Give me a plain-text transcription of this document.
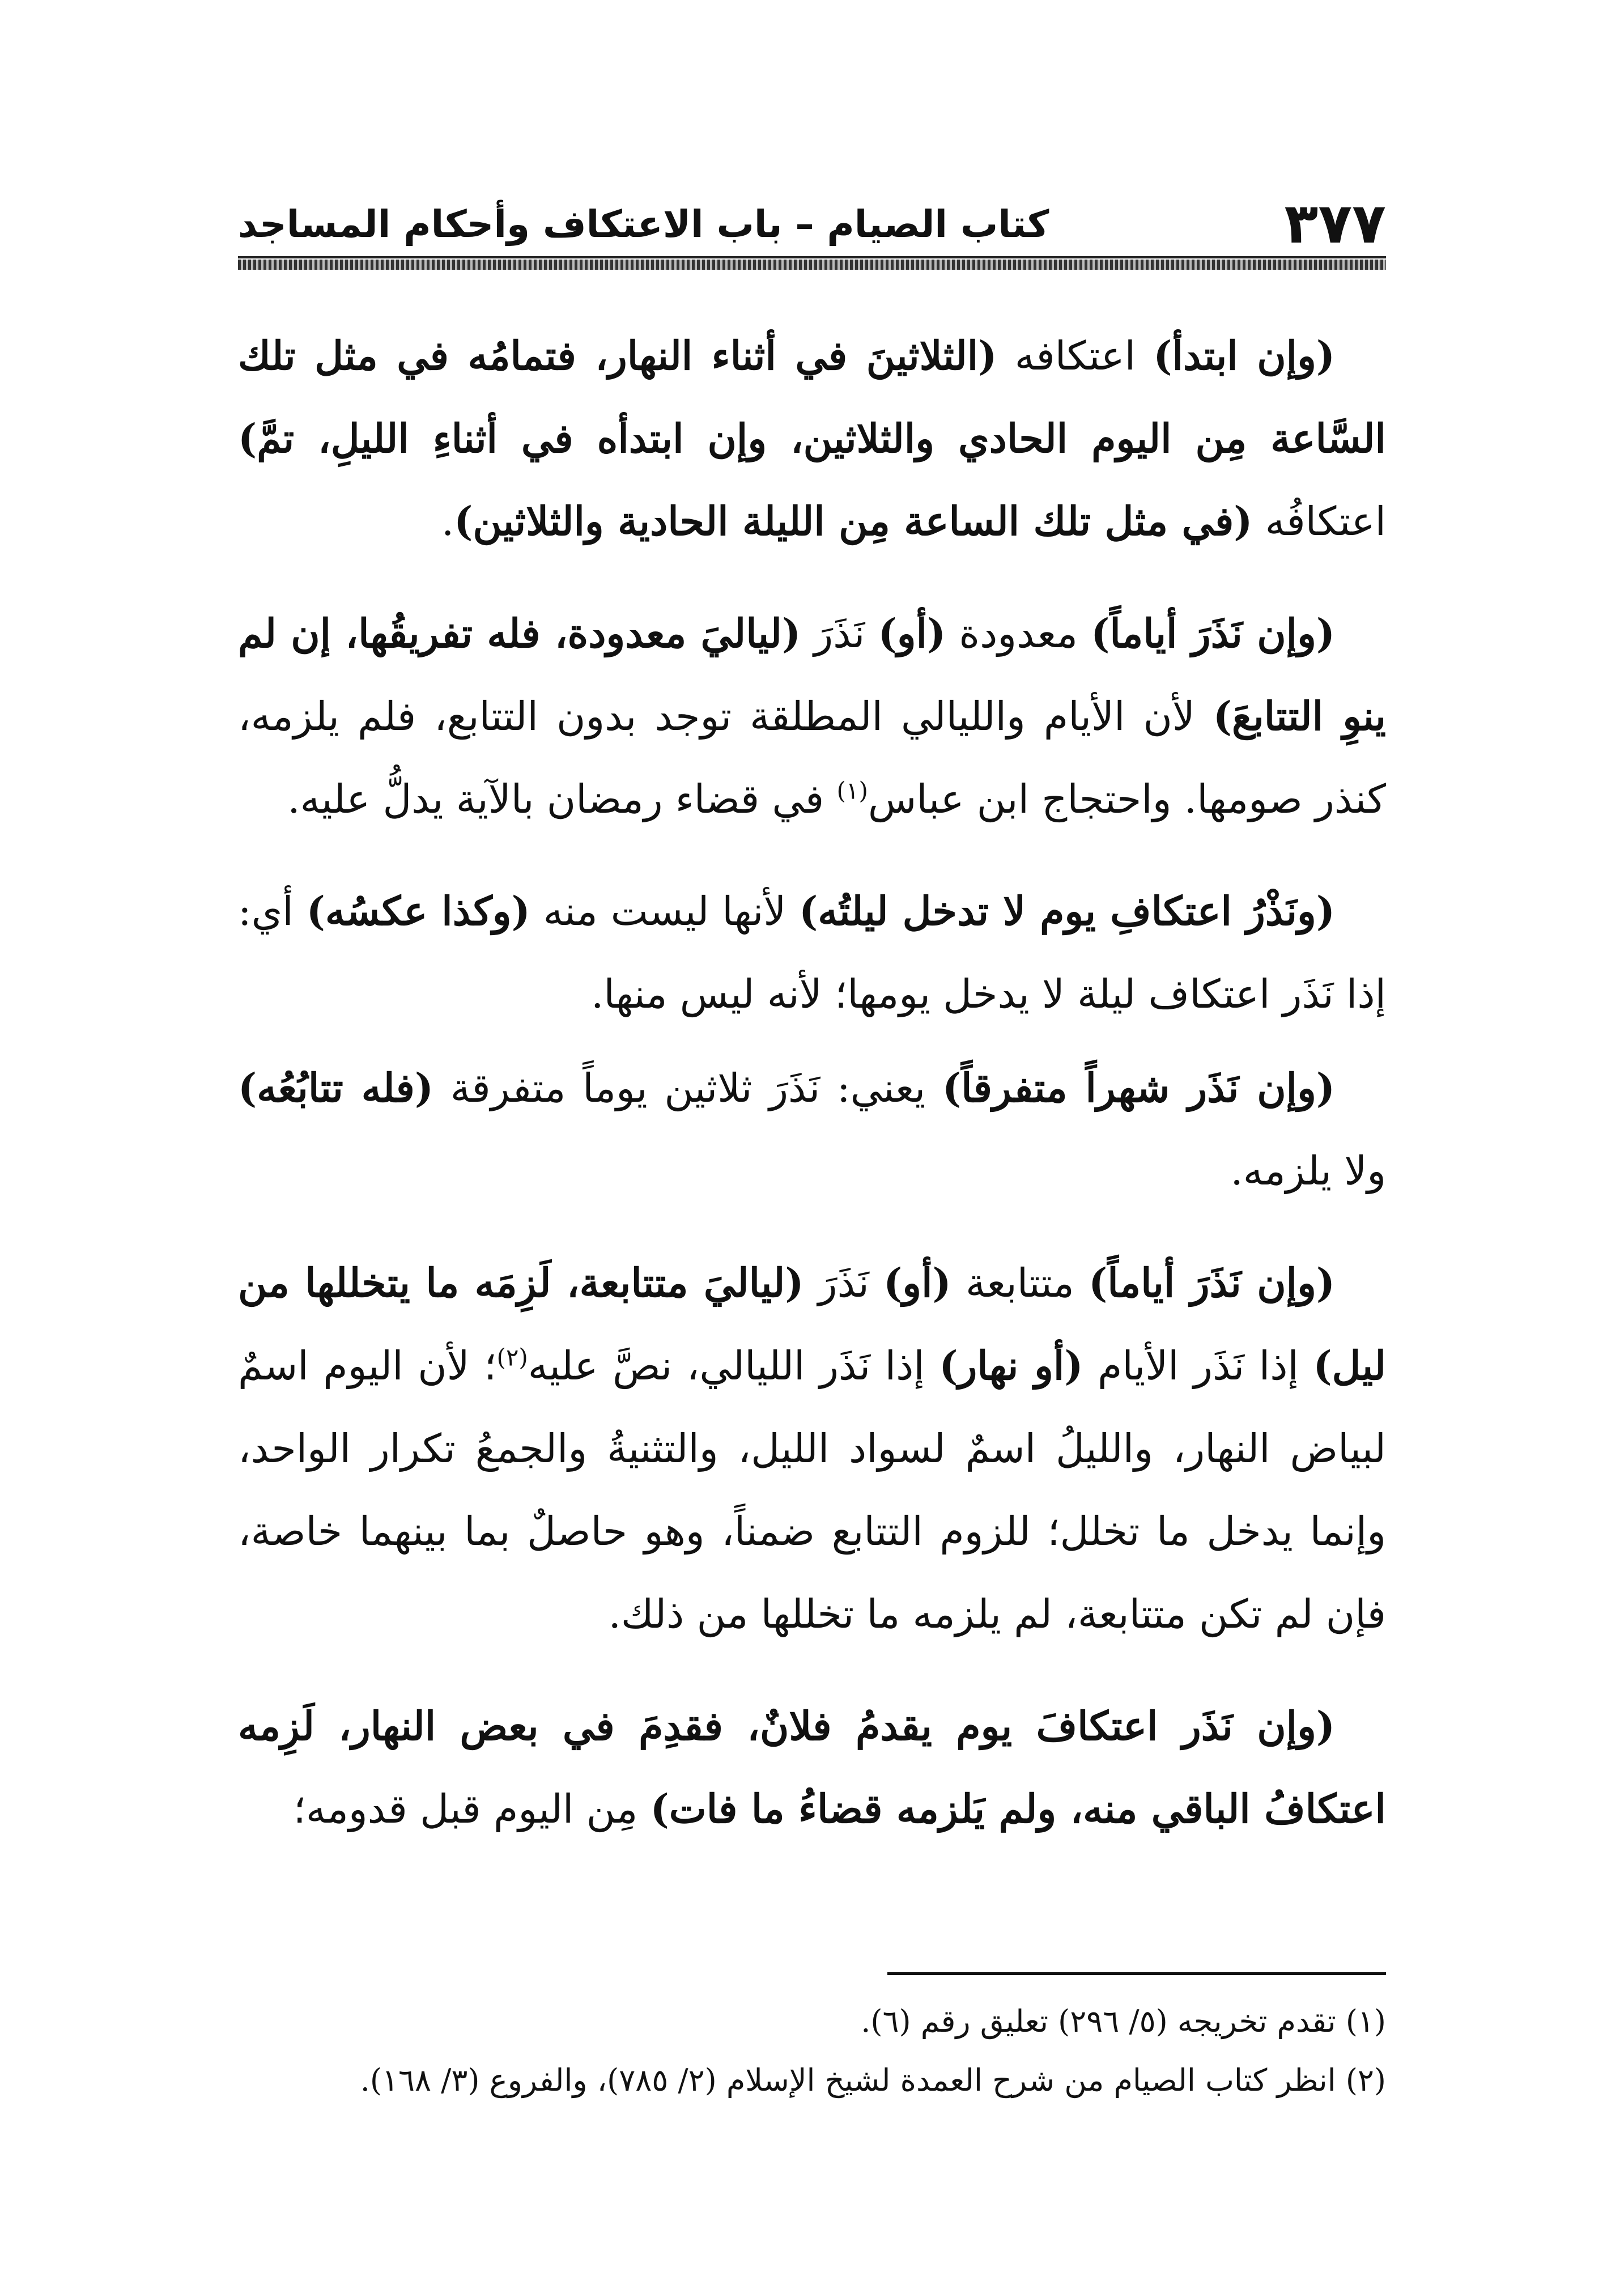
٣٧٧
كتاب الصيام – باب الاعتكاف وأحكام المساجد

(وإن ابتدأ) اعتكافه (الثلاثينَ في أثناء النهار، فتمامُه في مثل تلك السَّاعة مِن اليوم الحادي والثلاثين، وإن ابتدأه في أثناءِ الليلِ، تمَّ) اعتكافُه (في مثل تلك الساعة مِن الليلة الحادية والثلاثين).

(وإن نَذَرَ أياماً) معدودة (أو) نَذَرَ (لياليَ معدودة، فله تفريقُها، إن لم ينوِ التتابعَ) لأن الأيام والليالي المطلقة توجد بدون التتابع، فلم يلزمه، كنذر صومها. واحتجاج ابن عباس$^{(١)}$ في قضاء رمضان بالآية يدلُّ عليه.

(ونَذْرُ اعتكافِ يوم لا تدخل ليلتُه) لأنها ليست منه (وكذا عكسُه) أي: إذا نَذَر اعتكاف ليلة لا يدخل يومها؛ لأنه ليس منها.

(وإن نَذَر شهراً متفرقاً) يعني: نَذَرَ ثلاثين يوماً متفرقة (فله تتابُعُه) ولا يلزمه.

(وإن نَذَرَ أياماً) متتابعة (أو) نَذَرَ (لياليَ متتابعة، لَزِمَه ما يتخللها من ليل) إذا نَذَر الأيام (أو نهار) إذا نَذَر الليالي، نصَّ عليه$^{(٢)}$؛ لأن اليوم اسمٌ لبياض النهار، والليلُ اسمٌ لسواد الليل، والتثنيةُ والجمعُ تكرار الواحد، وإنما يدخل ما تخلل؛ للزوم التتابع ضمناً، وهو حاصلٌ بما بينهما خاصة، فإن لم تكن متتابعة، لم يلزمه ما تخللها من ذلك.

(وإن نَذَر اعتكافَ يوم يقدمُ فلانٌ، فقدِمَ في بعض النهار، لَزِمه اعتكافُ الباقي منه، ولم يَلزمه قضاءُ ما فات) مِن اليوم قبل قدومه؛

(١) تقدم تخريجه (٥/ ٢٩٦) تعليق رقم (٦).

(٢) انظر كتاب الصيام من شرح العمدة لشيخ الإسلام (٢/ ٧٨٥)، والفروع (٣/ ١٦٨).
